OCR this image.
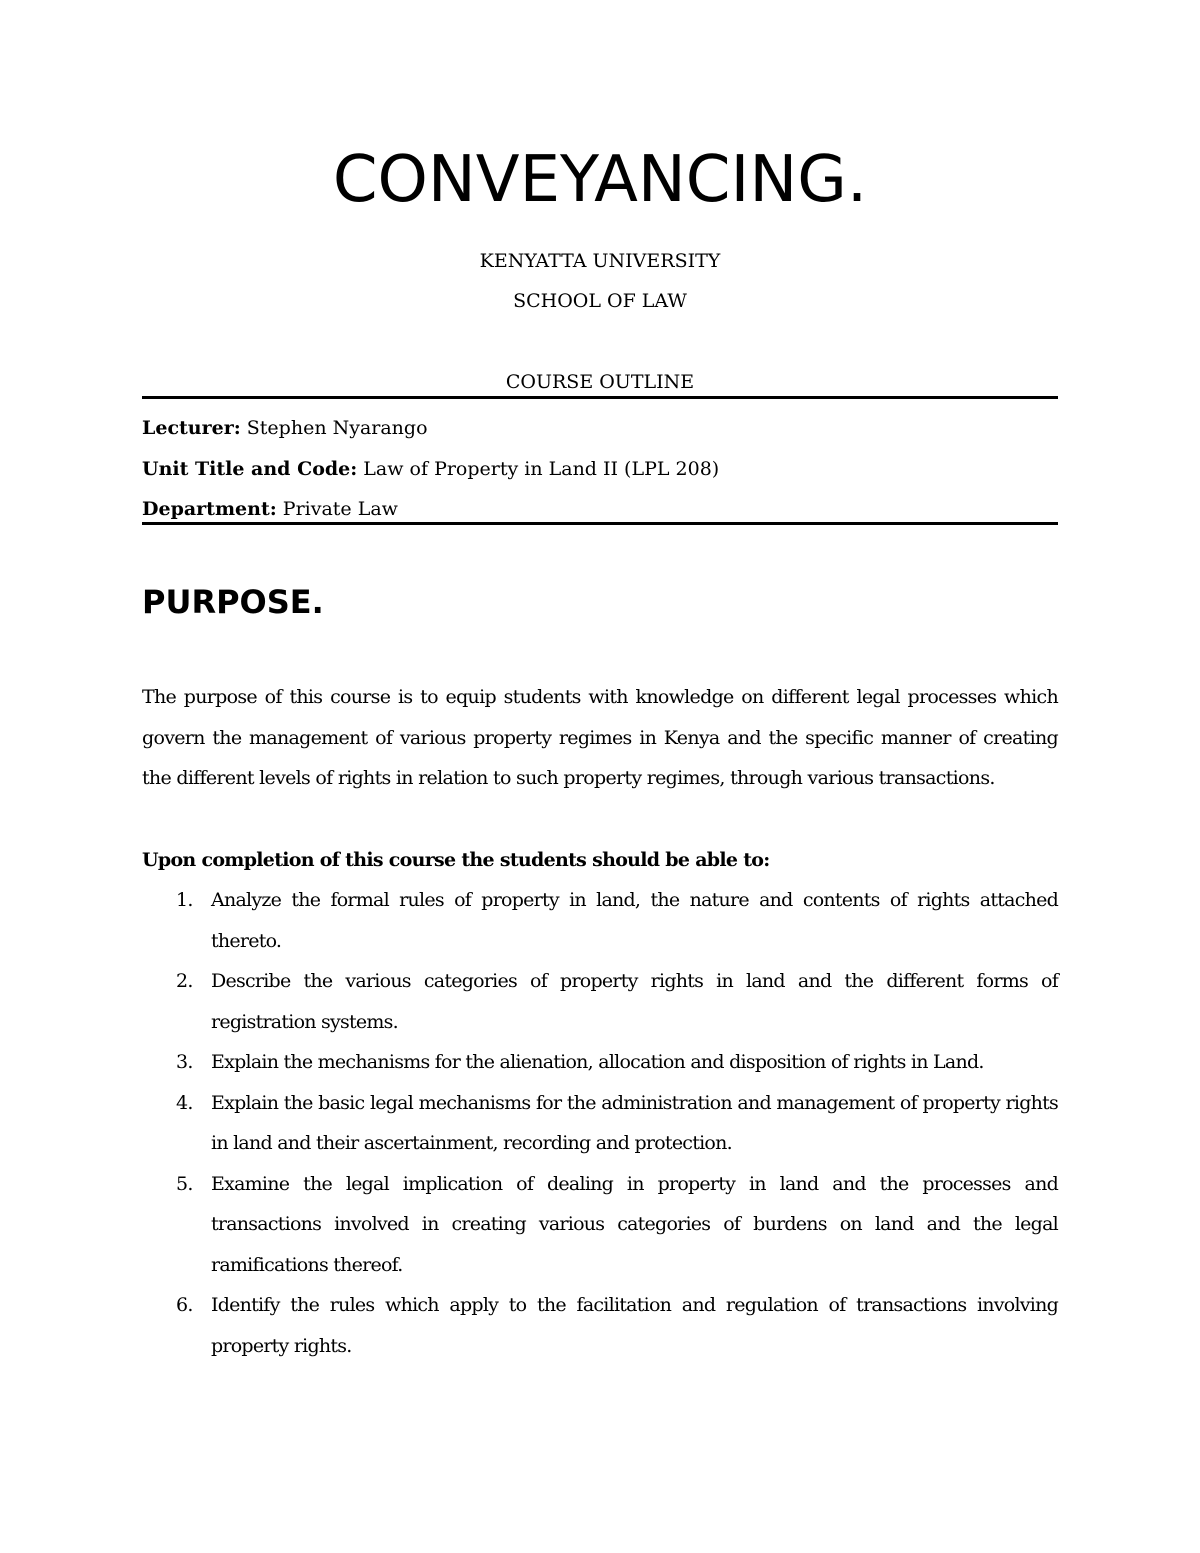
CONVEYANCING.
KENYATTA UNIVERSITY
SCHOOL OF LAW
COURSE OUTLINE
Lecturer: Stephen Nyarango
Unit Title and Code: Law of Property in Land II (LPL 208)
Department: Private Law
PURPOSE.

The purpose of this course is to equip students with knowledge on different legal processes which govern the management of various property regimes in Kenya and the specific manner of creating the different levels of rights in relation to such property regimes, through various transactions.

Upon completion of this course the students should be able to:

1. Analyze the formal rules of property in land, the nature and contents of rights attached thereto.
2. Describe the various categories of property rights in land and the different forms of registration systems.
3. Explain the mechanisms for the alienation, allocation and disposition of rights in Land.
4. Explain the basic legal mechanisms for the administration and management of property rights in land and their ascertainment, recording and protection.
5. Examine the legal implication of dealing in property in land and the processes and transactions involved in creating various categories of burdens on land and the legal ramifications thereof.
6. Identify the rules which apply to the facilitation and regulation of transactions involving property rights.
